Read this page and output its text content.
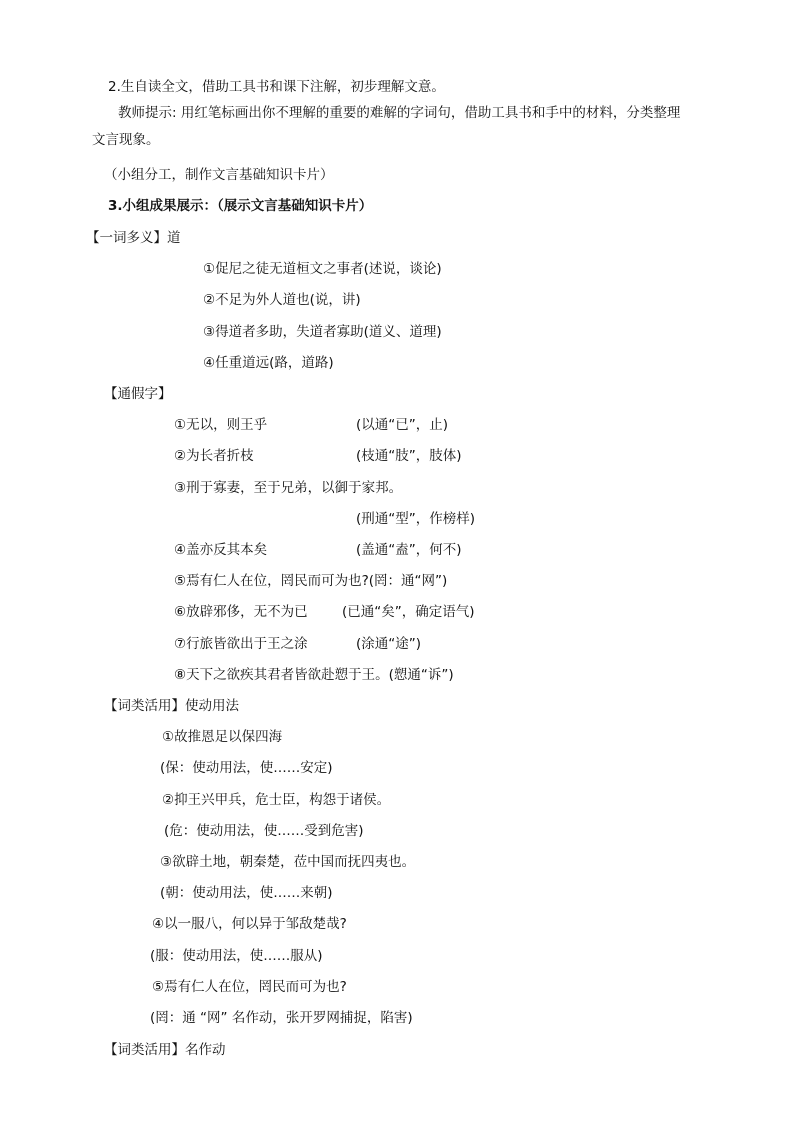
2.生自读全文，借助工具书和课下注解，初步理解文意。
教师提示: 用红笔标画出你不理解的重要的难解的字词句，借助工具书和手中的材料，分类整理
文言现象。
（小组分工，制作文言基础知识卡片）
3.小组成果展示：（展示文言基础知识卡片）
【一词多义】道
①促尼之徒无道桓文之事者(述说，谈论)
②不足为外人道也(说，讲)
③得道者多助，失道者寡助(道义、道理)
④任重道远(路，道路)
【通假字】
①无以，则王乎	(以通“已”，止)
②为长者折枝	(枝通“肢”，肢体)
③刑于寡妻，至于兄弟，以御于家邦。
(刑通“型”，作榜样)
④盖亦反其本矣	(盖通“盍”，何不)
⑤焉有仁人在位，罔民而可为也?(罔：通“网”)
⑥放辟邪侈，无不为已	(已通“矣”，确定语气)
⑦行旅皆欲出于王之涂	(涂通“途”)
⑧天下之欲疾其君者皆欲赴愬于王。(愬通“诉”)
【词类活用】使动用法
①故推恩足以保四海
(保：使动用法，使……安定)
②抑王兴甲兵，危士臣，构怨于诸侯。
(危：使动用法，使……受到危害)
③欲辟土地，朝秦楚，莅中国而抚四夷也。
(朝：使动用法，使……来朝)
④以一服八，何以异于邹敌楚哉?
(服：使动用法，使……服从)
⑤焉有仁人在位，罔民而可为也?
(罔：通 “网” 名作动，张开罗网捕捉，陷害)
【词类活用】名作动
